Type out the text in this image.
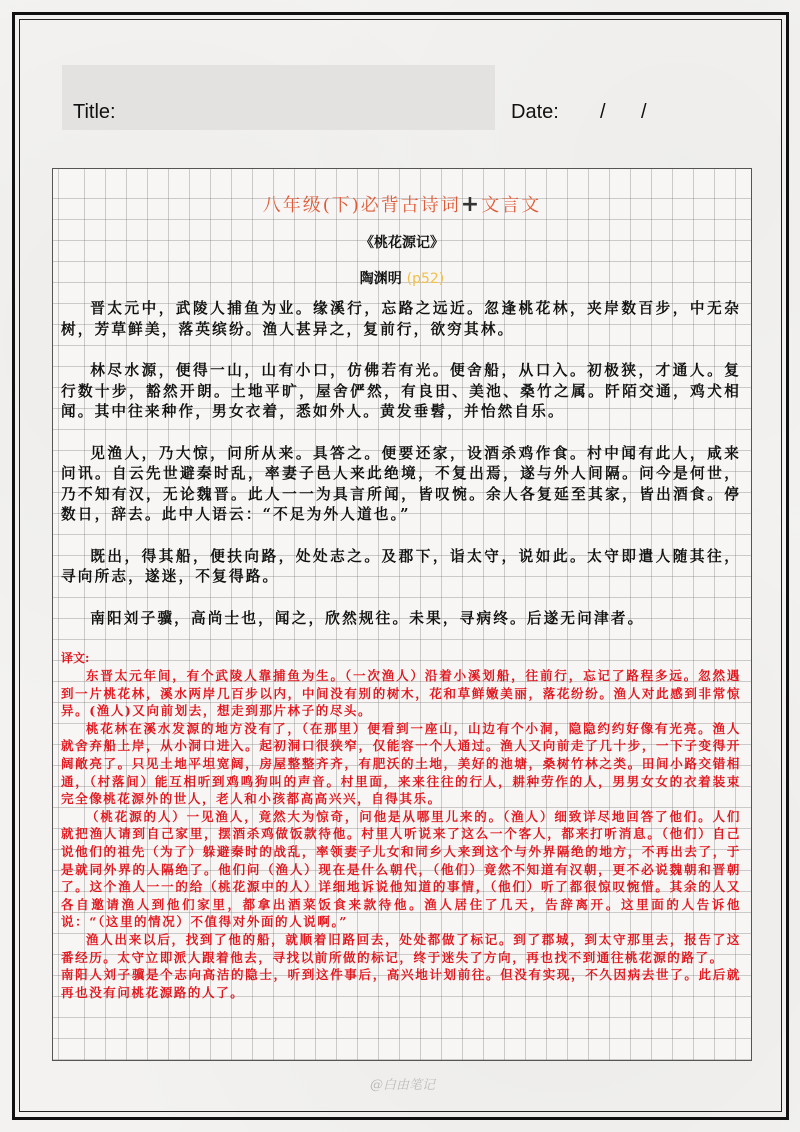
Title:	Date: / /
八年级(下)必背古诗词+文言文
《桃花源记》
陶渊明 (p52)

晋太元中，武陵人捕鱼为业。缘溪行，忘路之远近。忽逢桃花林，夹岸数百步，中无杂树，芳草鲜美，落英缤纷。渔人甚异之，复前行，欲穷其林。

林尽水源，便得一山，山有小口，仿佛若有光。便舍船，从口入。初极狭，才通人。复行数十步，豁然开朗。土地平旷，屋舍俨然，有良田、美池、桑竹之属。阡陌交通，鸡犬相闻。其中往来种作，男女衣着，悉如外人。黄发垂髫，并怡然自乐。

见渔人，乃大惊，问所从来。具答之。便要还家，设酒杀鸡作食。村中闻有此人，咸来问讯。自云先世避秦时乱，率妻子邑人来此绝境，不复出焉，遂与外人间隔。问今是何世，乃不知有汉，无论魏晋。此人一一为具言所闻，皆叹惋。余人各复延至其家，皆出酒食。停数日，辞去。此中人语云：“不足为外人道也。”

既出，得其船，便扶向路，处处志之。及郡下，诣太守，说如此。太守即遣人随其往，寻向所志，遂迷，不复得路。

南阳刘子骥，高尚士也，闻之，欣然规往。未果，寻病终。后遂无问津者。

译文:

东晋太元年间，有个武陵人靠捕鱼为生。（一次渔人）沿着小溪划船，往前行，忘记了路程多远。忽然遇到一片桃花林，溪水两岸几百步以内，中间没有别的树木，花和草鲜嫩美丽，落花纷纷。渔人对此感到非常惊异。(渔人)又向前划去，想走到那片林子的尽头。

桃花林在溪水发源的地方没有了，（在那里）便看到一座山，山边有个小洞，隐隐约约好像有光亮。渔人就舍弃船上岸，从小洞口进入。起初洞口很狭窄，仅能容一个人通过。渔人又向前走了几十步，一下子变得开阔敞亮了。只见土地平坦宽阔，房屋整整齐齐，有肥沃的土地，美好的池塘，桑树竹林之类。田间小路交错相通，（村落间）能互相听到鸡鸣狗叫的声音。村里面，来来往往的行人，耕种劳作的人，男男女女的衣着装束完全像桃花源外的世人，老人和小孩都高高兴兴，自得其乐。

（桃花源的人）一见渔人，竟然大为惊奇，问他是从哪里儿来的。（渔人）细致详尽地回答了他们。人们就把渔人请到自己家里，摆酒杀鸡做饭款待他。村里人听说来了这么一个客人，都来打听消息。（他们）自己说他们的祖先（为了）躲避秦时的战乱，率领妻子儿女和同乡人来到这个与外界隔绝的地方，不再出去了，于是就同外界的人隔绝了。他们问（渔人）现在是什么朝代，（他们）竟然不知道有汉朝，更不必说魏朝和晋朝了。这个渔人一一的给（桃花源中的人）详细地诉说他知道的事情，（他们）听了都很惊叹惋惜。其余的人又各自邀请渔人到他们家里，都拿出酒菜饭食来款待他。渔人居住了几天，告辞离开。这里面的人告诉他说：“（这里的情况）不值得对外面的人说啊。”

渔人出来以后，找到了他的船，就顺着旧路回去，处处都做了标记。到了郡城，到太守那里去，报告了这番经历。太守立即派人跟着他去，寻找以前所做的标记，终于迷失了方向，再也找不到通往桃花源的路了。

南阳人刘子骥是个志向高洁的隐士，听到这件事后，高兴地计划前往。但没有实现，不久因病去世了。此后就再也没有问桃花源路的人了。

@白由笔记
